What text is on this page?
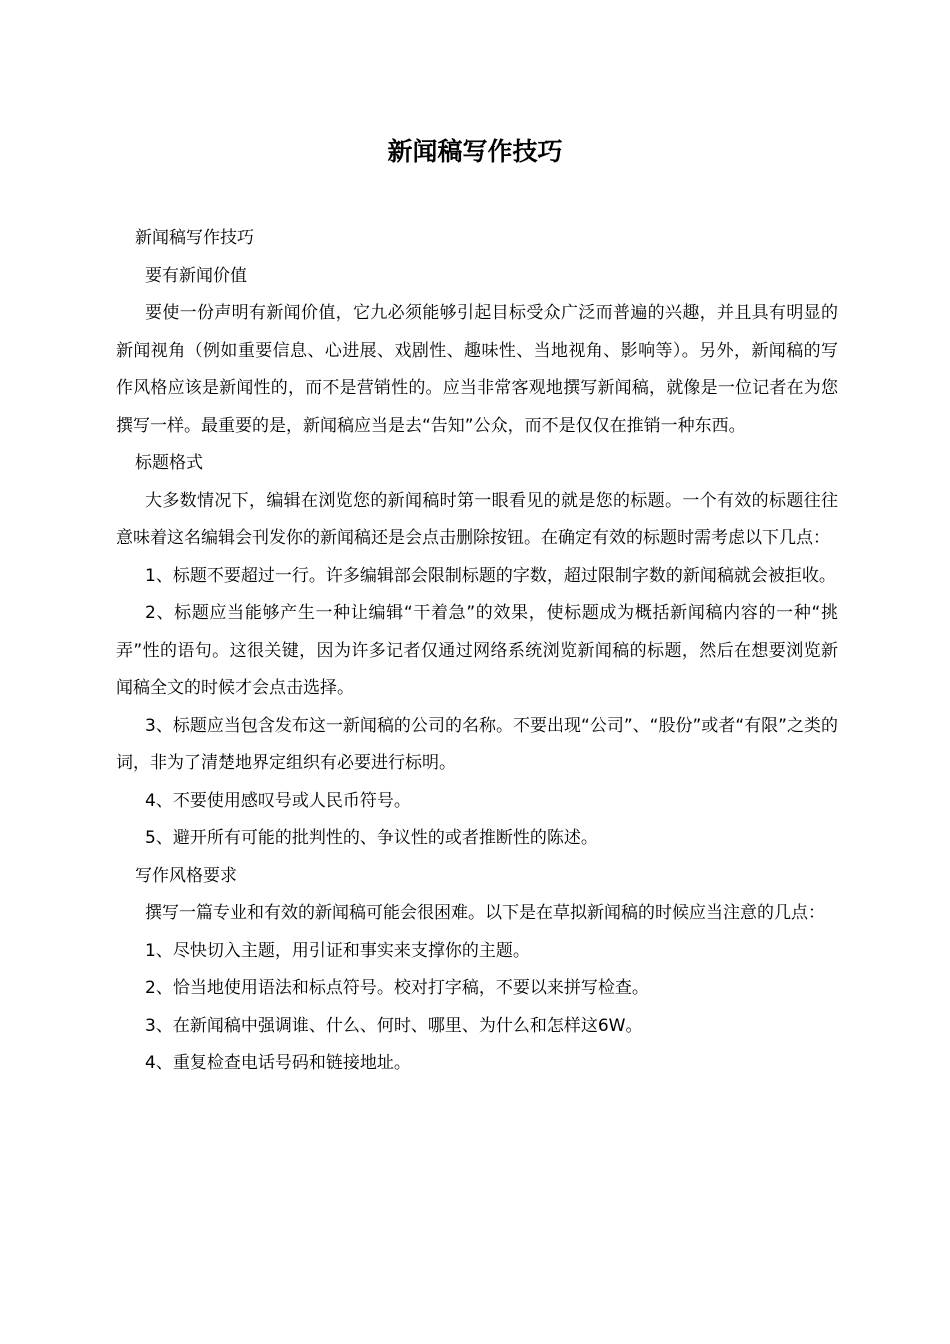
新闻稿写作技巧

新闻稿写作技巧

要有新闻价值

要使一份声明有新闻价值，它九必须能够引起目标受众广泛而普遍的兴趣，并且具有明显的新闻视角（例如重要信息、心进展、戏剧性、趣味性、当地视角、影响等）。另外，新闻稿的写作风格应该是新闻性的，而不是营销性的。应当非常客观地撰写新闻稿，就像是一位记者在为您撰写一样。最重要的是，新闻稿应当是去“告知”公众，而不是仅仅在推销一种东西。

标题格式

大多数情况下，编辑在浏览您的新闻稿时第一眼看见的就是您的标题。一个有效的标题往往意味着这名编辑会刊发你的新闻稿还是会点击删除按钮。在确定有效的标题时需考虑以下几点：

1、标题不要超过一行。许多编辑部会限制标题的字数，超过限制字数的新闻稿就会被拒收。

2、标题应当能够产生一种让编辑“干着急”的效果，使标题成为概括新闻稿内容的一种“挑弄”性的语句。这很关键，因为许多记者仅通过网络系统浏览新闻稿的标题，然后在想要浏览新闻稿全文的时候才会点击选择。

3、标题应当包含发布这一新闻稿的公司的名称。不要出现“公司”、“股份”或者“有限”之类的词，非为了清楚地界定组织有必要进行标明。

4、不要使用感叹号或人民币符号。

5、避开所有可能的批判性的、争议性的或者推断性的陈述。

写作风格要求

撰写一篇专业和有效的新闻稿可能会很困难。以下是在草拟新闻稿的时候应当注意的几点：

1、尽快切入主题，用引证和事实来支撑你的主题。

2、恰当地使用语法和标点符号。校对打字稿，不要以来拼写检查。

3、在新闻稿中强调谁、什么、何时、哪里、为什么和怎样这6W。

4、重复检查电话号码和链接地址。
